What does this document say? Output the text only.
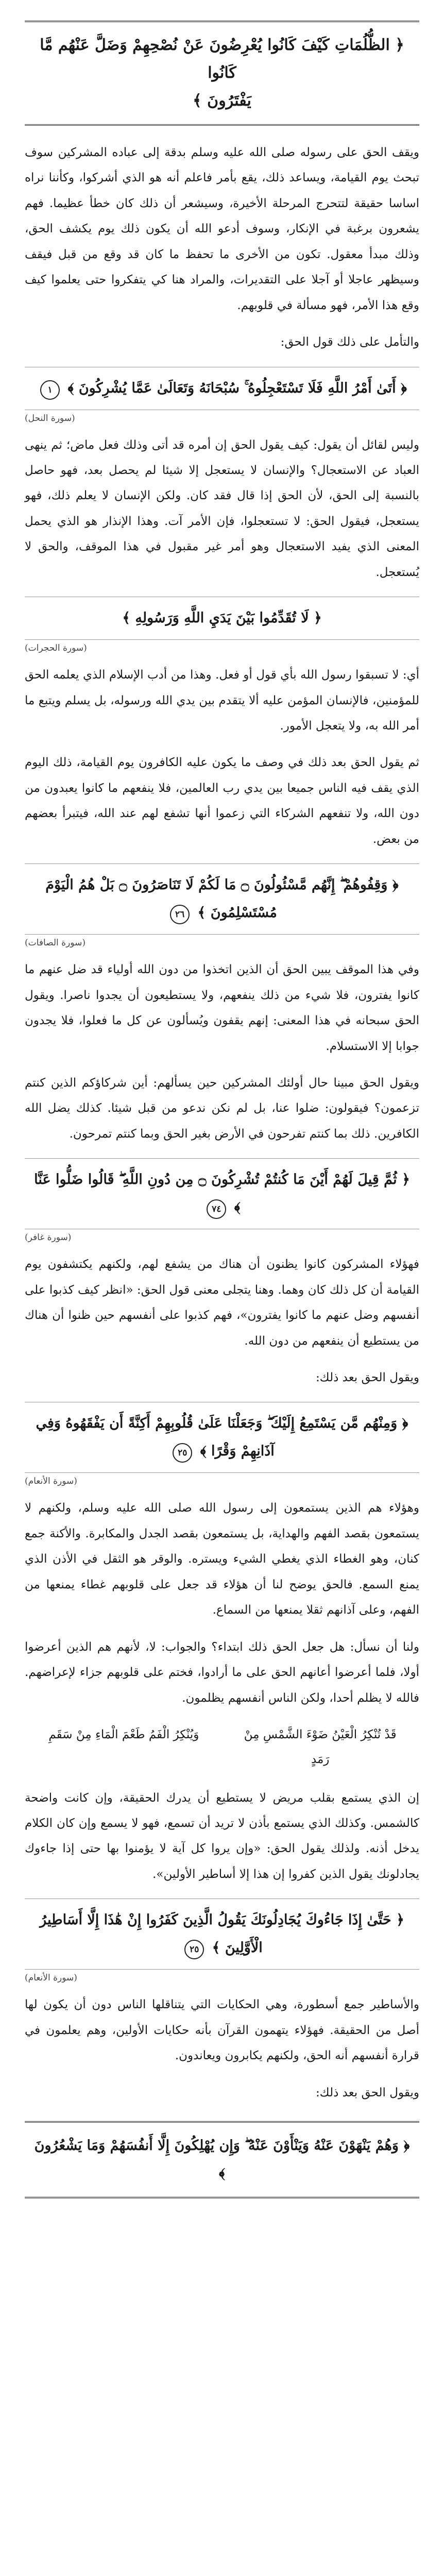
﴿ الظُّلُمَاتِ كَيْفَ كَانُوا يُعْرِضُونَ عَنْ نُصْحِهِمْ وَضَلَّ عَنْهُم مَّا كَانُوا
يَفْتَرُونَ ﴾

ويقف الحق على رسوله صلى الله عليه وسلم بدقة إلى عباده المشركين سوف تبحث يوم القيامة، ويساعد ذلك، يقع بأمر فاعلم أنه هو الذي أشركوا، وكأننا نراه اساسا حقيقة لتتحرج المرحلة الأخيرة، وسيشعر أن ذلك كان خطأ عظيما. فهم يشعرون برغبة في الإنكار، وسوف أدعو الله أن يكون ذلك يوم يكشف الحق، وذلك مبدأ معقول. تكون من الأخرى ما تحفظ ما كان قد وقع من قبل فيقف وسيظهر عاجلا أو آجلا على التقديرات، والمراد هنا كي يتفكروا حتى يعلموا كيف وقع هذا الأمر، فهو مسألة في قلوبهم.

والتأمل على ذلك قول الحق:

﴿ أَتَىٰ أَمْرُ اللَّهِ فَلَا تَسْتَعْجِلُوهُ ۚ سُبْحَانَهُ وَتَعَالَىٰ عَمَّا يُشْرِكُونَ ﴾ ١
(سورة النحل)

وليس لقائل أن يقول: كيف يقول الحق إن أمره قد أتى وذلك فعل ماض؛ ثم ينهى العباد عن الاستعجال؟ والإنسان لا يستعجل إلا شيئا لم يحصل بعد، فهو حاصل بالنسبة إلى الحق، لأن الحق إذا قال فقد كان. ولكن الإنسان لا يعلم ذلك، فهو يستعجل، فيقول الحق: لا تستعجلوا، فإن الأمر آت. وهذا الإنذار هو الذي يحمل المعنى الذي يفيد الاستعجال وهو أمر غير مقبول في هذا الموقف، والحق لا يُستعجل.

﴿ لَا تُقَدِّمُوا بَيْنَ يَدَيِ اللَّهِ وَرَسُولِهِ ﴾
(سورة الحجرات)

أي: لا تسبقوا رسول الله بأي قول أو فعل. وهذا من أدب الإسلام الذي يعلمه الحق للمؤمنين، فالإنسان المؤمن عليه ألا يتقدم بين يدي الله ورسوله، بل يسلم ويتبع ما أمر الله به، ولا يتعجل الأمور.

ثم يقول الحق بعد ذلك في وصف ما يكون عليه الكافرون يوم القيامة، ذلك اليوم الذي يقف فيه الناس جميعا بين يدي رب العالمين، فلا ينفعهم ما كانوا يعبدون من دون الله، ولا تنفعهم الشركاء التي زعموا أنها تشفع لهم عند الله، فيتبرأ بعضهم من بعض.

﴿ وَقِفُوهُمْ ۖ إِنَّهُم مَّسْئُولُونَ ۝ مَا لَكُمْ لَا تَنَاصَرُونَ ۝ بَلْ هُمُ الْيَوْمَ مُسْتَسْلِمُونَ ﴾ ٢٦
(سورة الصافات)

وفي هذا الموقف يبين الحق أن الذين اتخذوا من دون الله أولياء قد ضل عنهم ما كانوا يفترون، فلا شيء من ذلك ينفعهم، ولا يستطيعون أن يجدوا ناصرا. ويقول الحق سبحانه في هذا المعنى: إنهم يقفون ويُسألون عن كل ما فعلوا، فلا يجدون جوابا إلا الاستسلام.

ويقول الحق مبينا حال أولئك المشركين حين يسألهم: أين شركاؤكم الذين كنتم تزعمون؟ فيقولون: ضلوا عنا، بل لم نكن ندعو من قبل شيئا. كذلك يضل الله الكافرين. ذلك بما كنتم تفرحون في الأرض بغير الحق وبما كنتم تمرحون.

﴿ ثُمَّ قِيلَ لَهُمْ أَيْنَ مَا كُنتُمْ تُشْرِكُونَ ۝ مِن دُونِ اللَّهِ ۖ قَالُوا ضَلُّوا عَنَّا ﴾ ٧٤
(سورة غافر)

فهؤلاء المشركون كانوا يظنون أن هناك من يشفع لهم، ولكنهم يكتشفون يوم القيامة أن كل ذلك كان وهما. وهنا يتجلى معنى قول الحق: «انظر كيف كذبوا على أنفسهم وضل عنهم ما كانوا يفترون»، فهم كذبوا على أنفسهم حين ظنوا أن هناك من يستطيع أن ينفعهم من دون الله.

ويقول الحق بعد ذلك:

﴿ وَمِنْهُم مَّن يَسْتَمِعُ إِلَيْكَ ۖ وَجَعَلْنَا عَلَىٰ قُلُوبِهِمْ أَكِنَّةً أَن يَفْقَهُوهُ وَفِي آذَانِهِمْ وَقْرًا ﴾ ٢٥
(سورة الأنعام)

وهؤلاء هم الذين يستمعون إلى رسول الله صلى الله عليه وسلم، ولكنهم لا يستمعون بقصد الفهم والهداية، بل يستمعون بقصد الجدل والمكابرة. والأكنة جمع كنان، وهو الغطاء الذي يغطي الشيء ويستره. والوقر هو الثقل في الأذن الذي يمنع السمع. فالحق يوضح لنا أن هؤلاء قد جعل على قلوبهم غطاء يمنعها من الفهم، وعلى آذانهم ثقلا يمنعها من السماع.

ولنا أن نسأل: هل جعل الحق ذلك ابتداء؟ والجواب: لا، لأنهم هم الذين أعرضوا أولا، فلما أعرضوا أعانهم الحق على ما أرادوا، فختم على قلوبهم جزاء لإعراضهم. فالله لا يظلم أحدا، ولكن الناس أنفسهم يظلمون.

قَدْ تُنْكِرُ الْعَيْنُ ضَوْءَ الشَّمْسِ مِنْ رَمَدٍ
وَيُنْكِرُ الْفَمُ طَعْمَ الْمَاءِ مِنْ سَقَمِ

إن الذي يستمع بقلب مريض لا يستطيع أن يدرك الحقيقة، وإن كانت واضحة كالشمس. وكذلك الذي يستمع بأذن لا تريد أن تسمع، فهو لا يسمع وإن كان الكلام يدخل أذنه. ولذلك يقول الحق: «وإن يروا كل آية لا يؤمنوا بها حتى إذا جاءوك يجادلونك يقول الذين كفروا إن هذا إلا أساطير الأولين».

﴿ حَتَّىٰ إِذَا جَاءُوكَ يُجَادِلُونَكَ يَقُولُ الَّذِينَ كَفَرُوا إِنْ هَٰذَا إِلَّا أَسَاطِيرُ الْأَوَّلِينَ ﴾ ٢٥
(سورة الأنعام)

والأساطير جمع أسطورة، وهي الحكايات التي يتناقلها الناس دون أن يكون لها أصل من الحقيقة. فهؤلاء يتهمون القرآن بأنه حكايات الأولين، وهم يعلمون في قرارة أنفسهم أنه الحق، ولكنهم يكابرون ويعاندون.

ويقول الحق بعد ذلك:

﴿ وَهُمْ يَنْهَوْنَ عَنْهُ وَيَنْأَوْنَ عَنْهُ ۖ وَإِن يُهْلِكُونَ إِلَّا أَنفُسَهُمْ وَمَا يَشْعُرُونَ ﴾
